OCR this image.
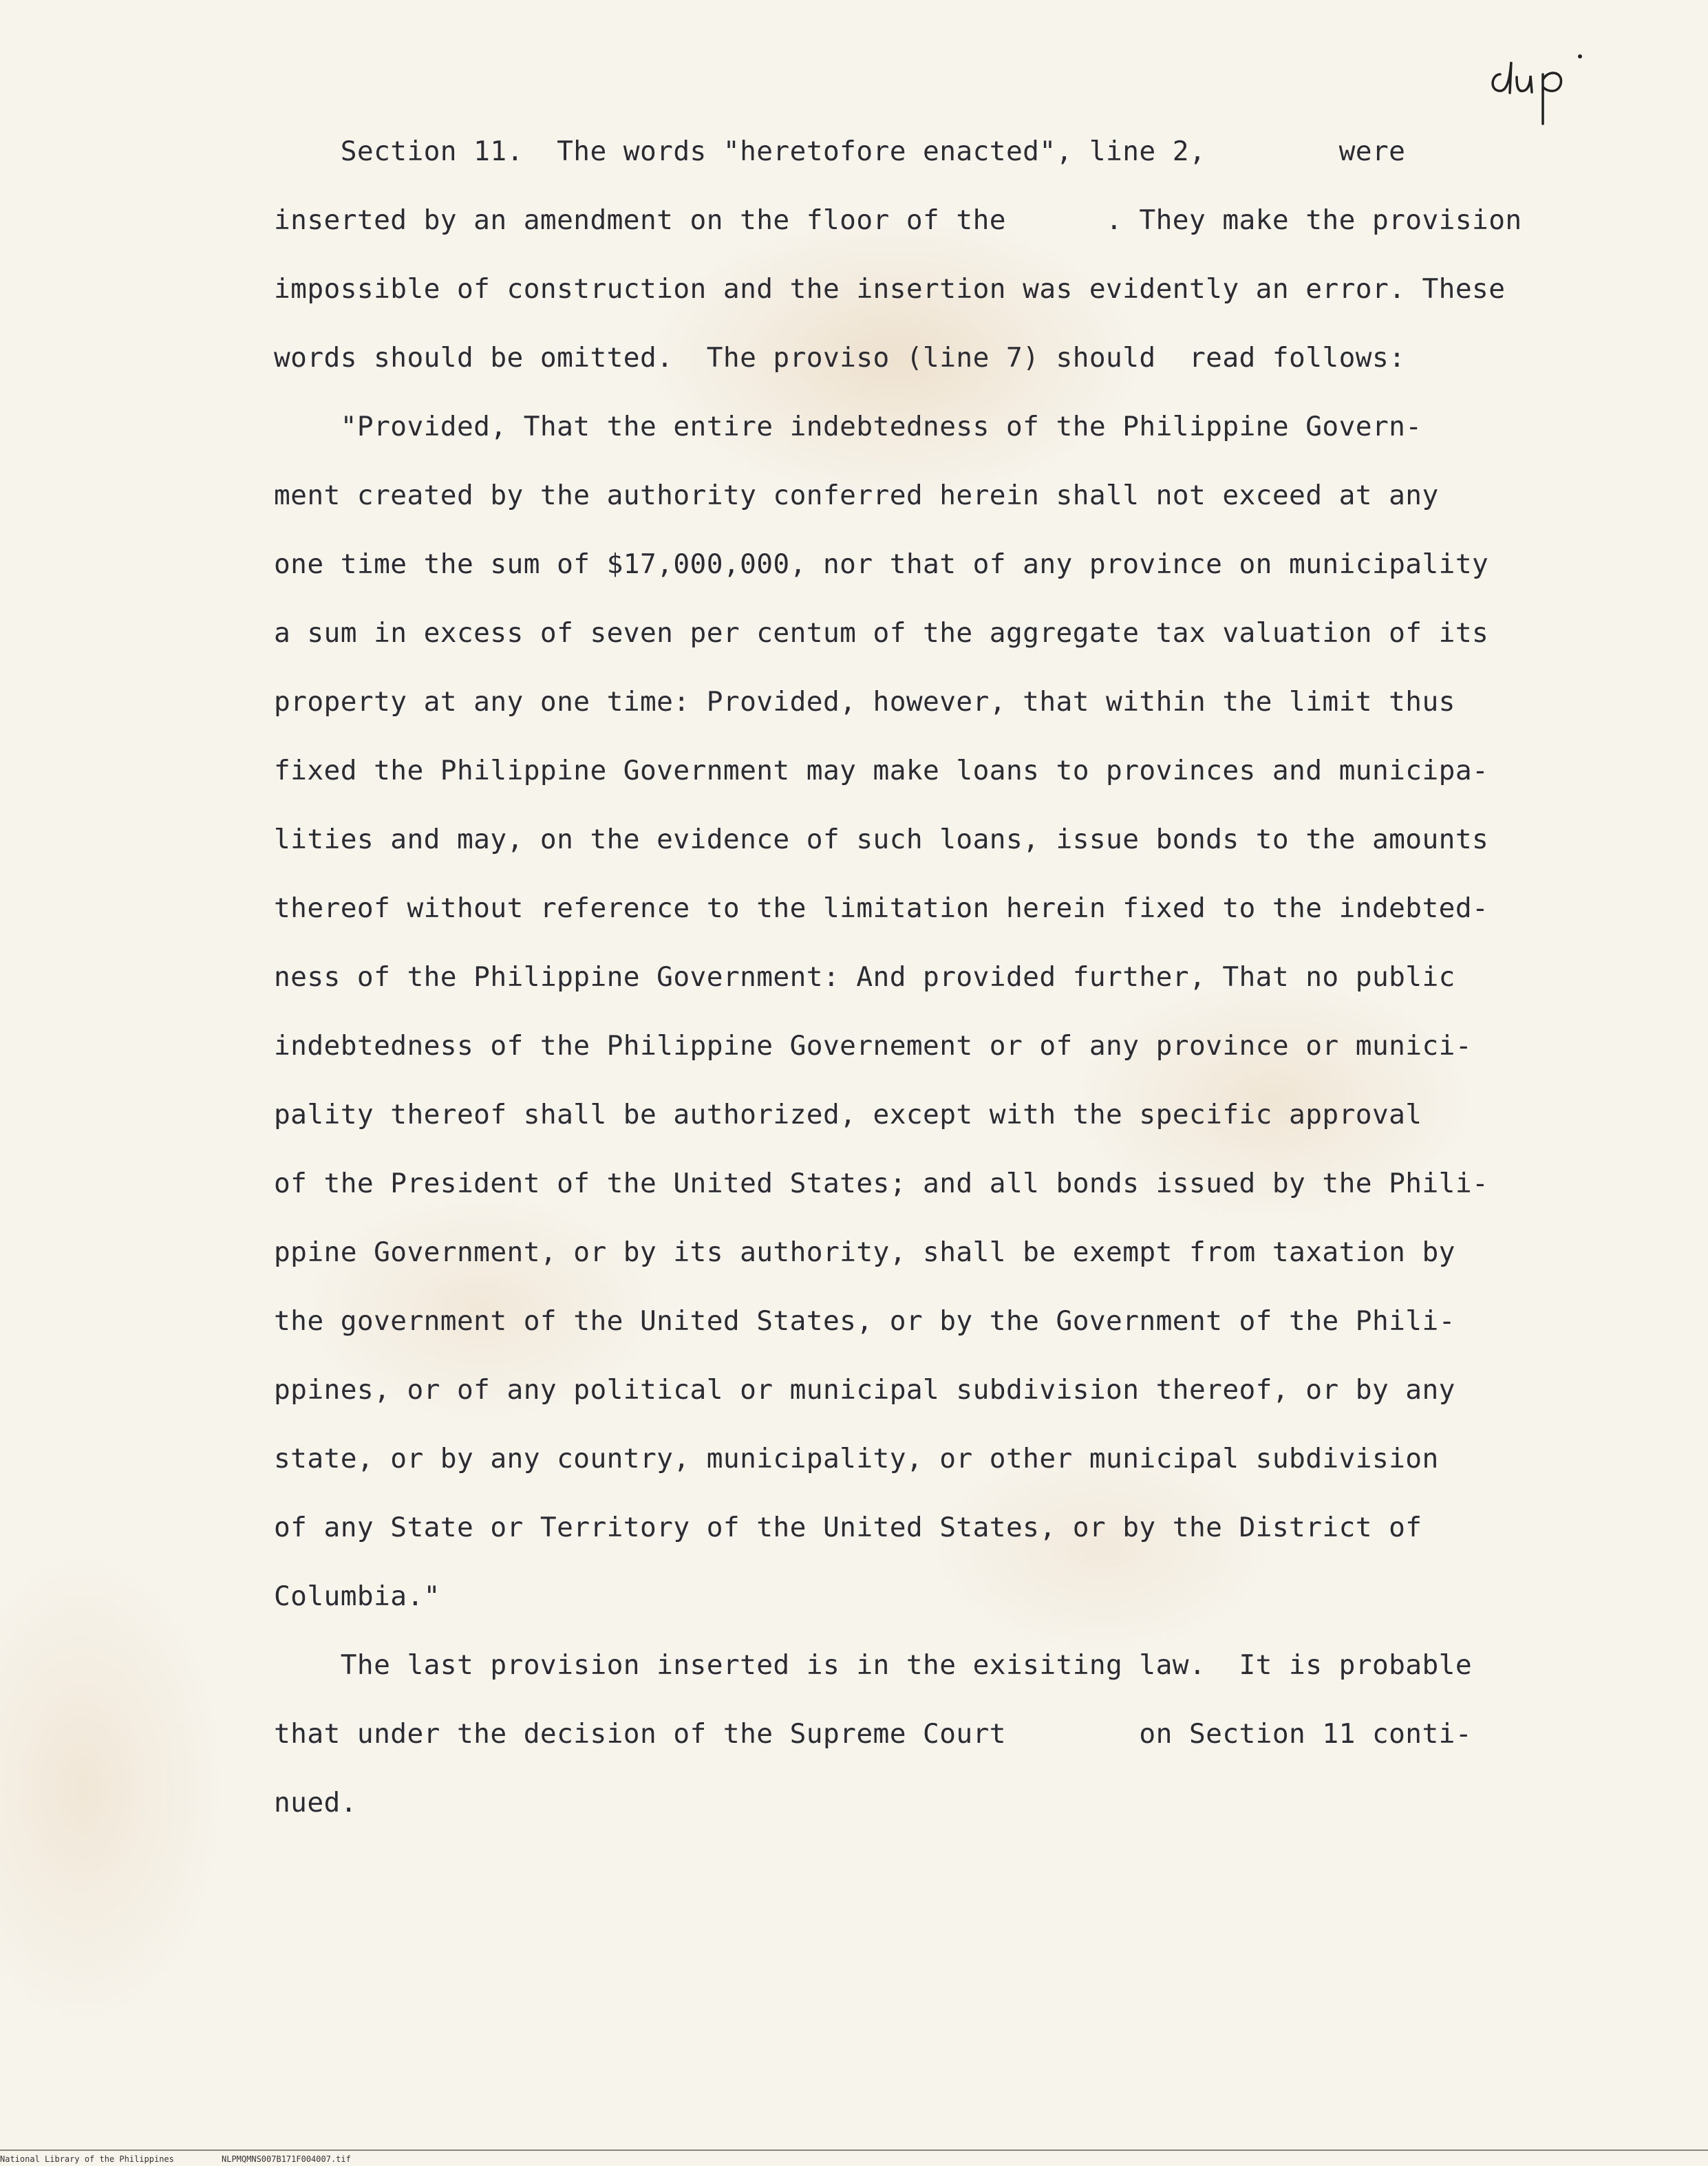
Section 11.  The words "heretofore enacted", line 2,        were
inserted by an amendment on the floor of the      . They make the provision
impossible of construction and the insertion was evidently an error. These
words should be omitted.  The proviso (line 7) should  read follows:
"Provided, That the entire indebtedness of the Philippine Govern-
ment created by the authority conferred herein shall not exceed at any
one time the sum of $17,000,000, nor that of any province on municipality
a sum in excess of seven per centum of the aggregate tax valuation of its
property at any one time: Provided, however, that within the limit thus
fixed the Philippine Government may make loans to provinces and municipa-
lities and may, on the evidence of such loans, issue bonds to the amounts
thereof without reference to the limitation herein fixed to the indebted-
ness of the Philippine Government: And provided further, That no public
indebtedness of the Philippine Governement or of any province or munici-
pality thereof shall be authorized, except with the specific approval
of the President of the United States; and all bonds issued by the Phili-
ppine Government, or by its authority, shall be exempt from taxation by
the government of the United States, or by the Government of the Phili-
ppines, or of any political or municipal subdivision thereof, or by any
state, or by any country, municipality, or other municipal subdivision
of any State or Territory of the United States, or by the District of
Columbia."
The last provision inserted is in the exisiting law.  It is probable
that under the decision of the Supreme Court        on Section 11 conti-
nued.
National Library of the Philippines	NLPMQMNS007B171F004007.tif
